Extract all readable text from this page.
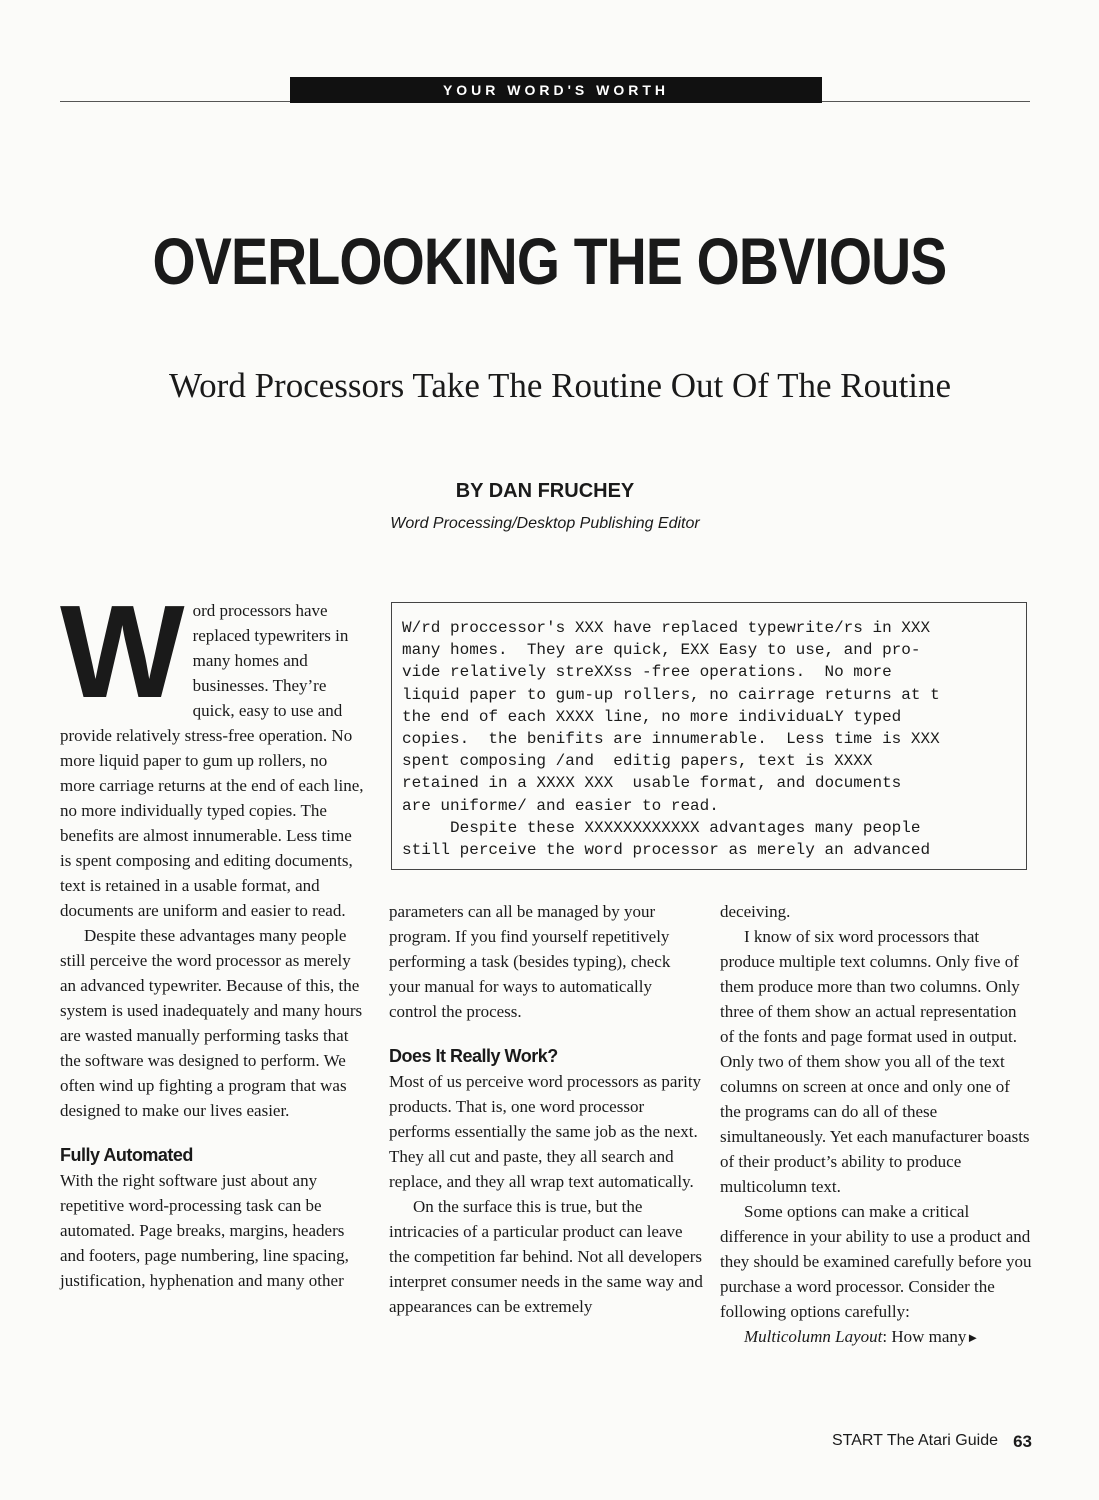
YOUR WORD'S WORTH
OVERLOOKING THE OBVIOUS
Word Processors Take The Routine Out Of The Routine
BY DAN FRUCHEY
Word Processing/Desktop Publishing Editor
W/rd proccessor's XXX have replaced typewrite/rs in XXX
many homes.  They are quick, EXX Easy to use, and pro-
vide relatively streXXss -free operations.  No more
liquid paper to gum-up rollers, no cairrage returns at t
the end of each XXXX line, no more individuaLY typed
copies.  the benifits are innumerable.  Less time is XXX
spent composing /and  editig papers, text is XXXX
retained in a XXXX XXX  usable format, and documents
are uniforme/ and easier to read.
Despite these XXXXXXXXXXXX advantages many people
still perceive the word processor as merely an advanced
W ord processors have replaced typewriters in many homes and businesses. They’re quick, easy to use and provide relatively stress-free operation. No more liquid paper to gum up rollers, no more carriage returns at the end of each line, no more individually typed copies. The benefits are almost innumerable. Less time is spent composing and editing documents, text is retained in a usable format, and documents are uniform and easier to read.

Despite these advantages many people still perceive the word processor as merely an advanced typewriter. Because of this, the system is used inadequately and many hours are wasted manually performing tasks that the software was designed to perform. We often wind up fighting a program that was designed to make our lives easier.

Fully Automated

With the right software just about any repetitive word-processing task can be automated. Page breaks, margins, headers and footers, page numbering, line spacing, justification, hyphenation and many other

parameters can all be managed by your program. If you find yourself repetitively performing a task (besides typing), check your manual for ways to automatically control the process.

Does It Really Work?

Most of us perceive word processors as parity products. That is, one word processor performs essentially the same job as the next. They all cut and paste, they all search and replace, and they all wrap text automatically.

On the surface this is true, but the intricacies of a particular product can leave the competition far behind. Not all developers interpret consumer needs in the same way and appearances can be extremely

deceiving.

I know of six word processors that produce multiple text columns. Only five of them produce more than two columns. Only three of them show an actual representation of the fonts and page format used in output. Only two of them show you all of the text columns on screen at once and only one of the programs can do all of these simultaneously. Yet each manufacturer boasts of their product’s ability to produce multicolumn text.

Some options can make a critical difference in your ability to use a product and they should be examined carefully before you purchase a word processor. Consider the following options carefully:

Multicolumn Layout: How many►

START The Atari Guide 63
